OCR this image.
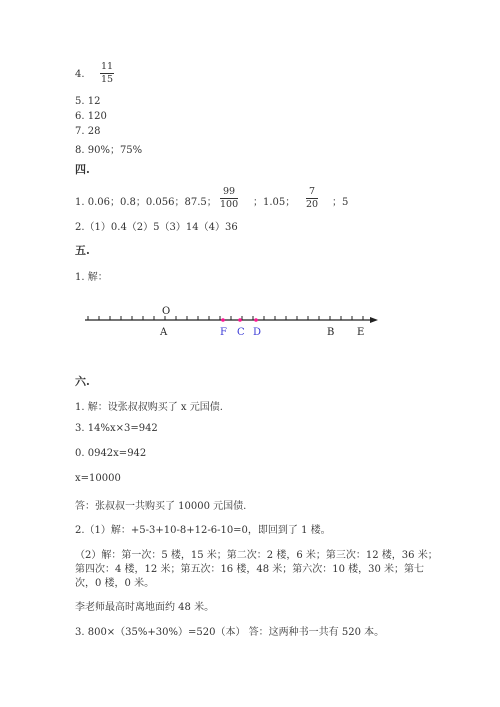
4.
11
15
5. 12
6. 120
7. 28
8. 90%；75%
四.
1. 0.06；0.8；0.056；87.5；
99
100 ；1.05；
7
20 ；5
2.（1）0.4（2）5（3）14（4）36
五.
1. 解：
O
A	F C D	B E
六.
1. 解：设张叔叔购买了 x 元国债.
3. 14%x×3=942
0. 0942x=942
x=10000
答：张叔叔一共购买了 10000 元国债.
2.（1）解：+5-3+10-8+12-6-10=0，即回到了 1 楼。
（2）解：第一次：5 楼，15 米；第二次：2 楼，6 米；第三次：12 楼，36 米；
第四次：4 楼，12 米；第五次：16 楼，48 米；第六次：10 楼，30 米；第七
次，0 楼，0 米。
李老师最高时离地面约 48 米。
3. 800×（35%+30%）=520（本） 答：这两种书一共有 520 本。
